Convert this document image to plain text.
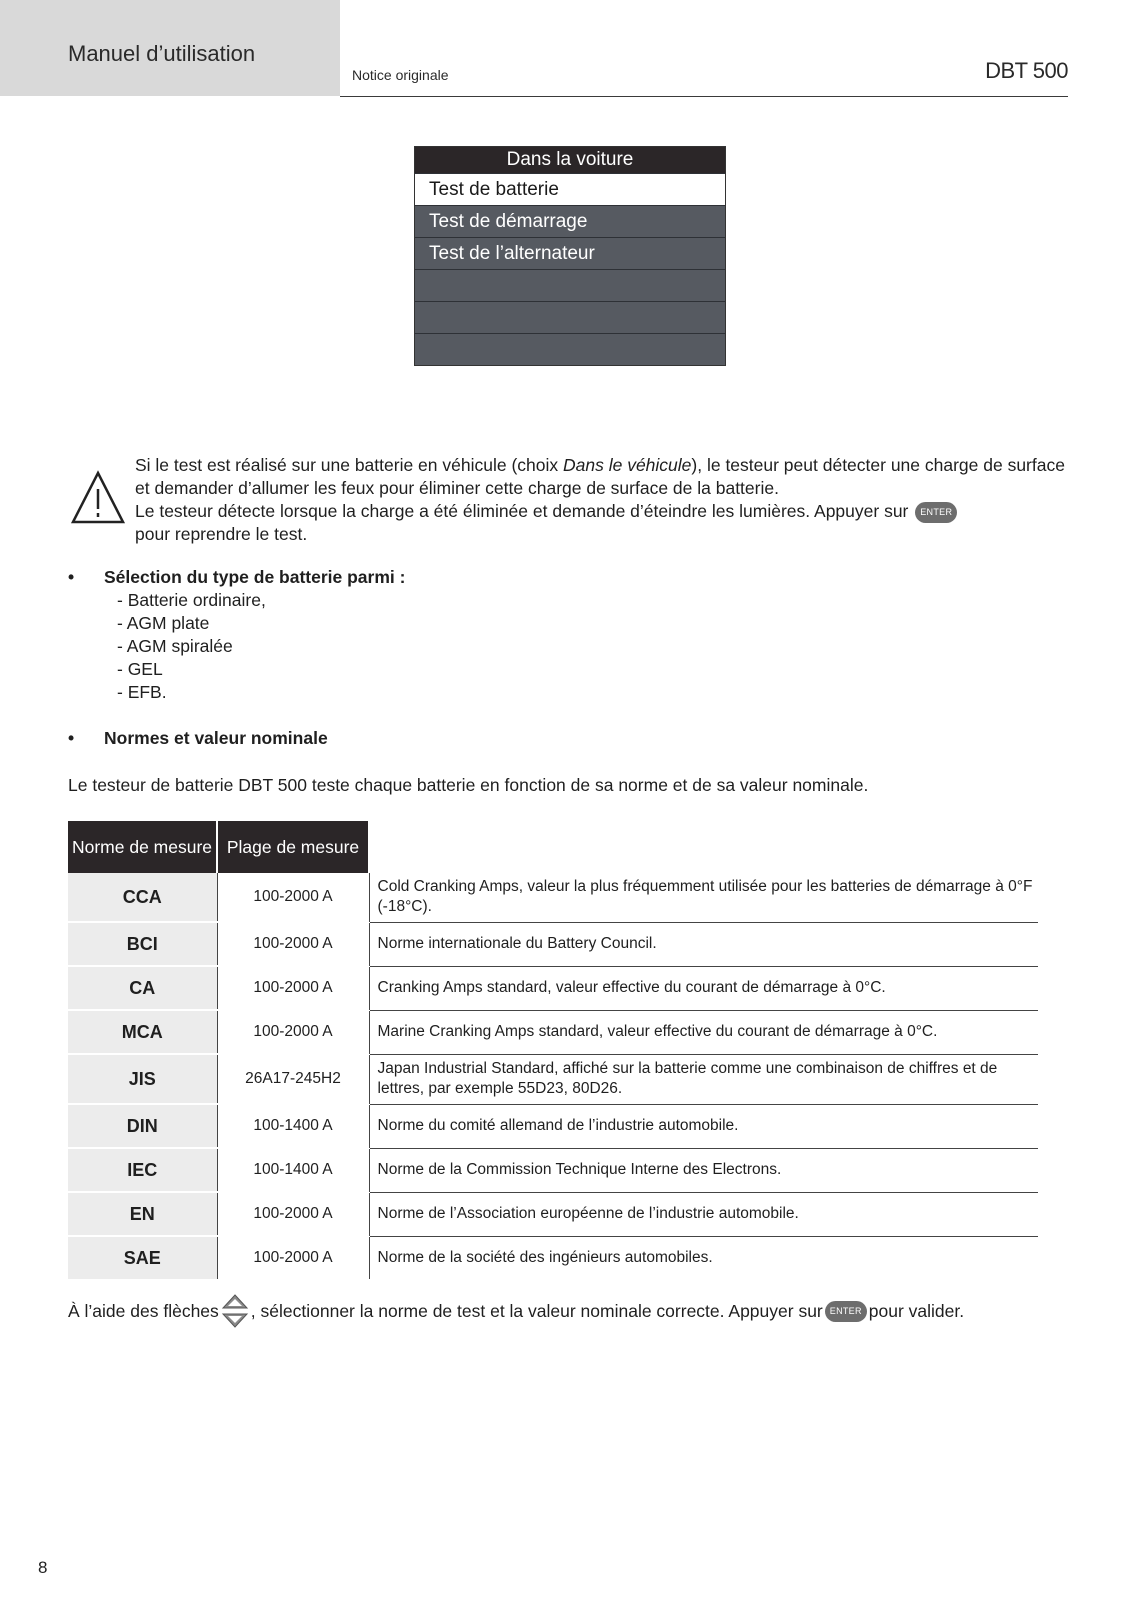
Manuel d’utilisation
Notice originale	DBT 500
Dans la voiture
Test de batterie
Test de démarrage
Test de l’alternateur
Si le test est réalisé sur une batterie en véhicule (choix Dans le véhicule), le testeur peut détecter une charge de surface et demander d’allumer les feux pour éliminer cette charge de surface de la batterie.
Le testeur détecte lorsque la charge a été éliminée et demande d’éteindre les lumières. Appuyer sur ENTER
pour reprendre le test.
• Sélection du type de batterie parmi :
- Batterie ordinaire,
- AGM plate
- AGM spiralée
- GEL
- EFB.
• Normes et valeur nominale
Le testeur de batterie DBT 500 teste chaque batterie en fonction de sa norme et de sa valeur nominale.
Norme de mesure	Plage de mesure	
CCA	100-2000 A	Cold Cranking Amps, valeur la plus fréquemment utilisée pour les batteries de démarrage à 0°F (-18°C).
BCI	100-2000 A	Norme internationale du Battery Council.
CA	100-2000 A	Cranking Amps standard, valeur effective du courant de démarrage à 0°C.
MCA	100-2000 A	Marine Cranking Amps standard, valeur effective du courant de démarrage à 0°C.
JIS	26A17-245H2	Japan Industrial Standard, affiché sur la batterie comme une combinaison de chiffres et de lettres, par exemple 55D23, 80D26.
DIN	100-1400 A	Norme du comité allemand de l’industrie automobile.
IEC	100-1400 A	Norme de la Commission Technique Interne des Electrons.
EN	100-2000 A	Norme de l’Association européenne de l’industrie automobile.
SAE	100-2000 A	Norme de la société des ingénieurs automobiles.
À l’aide des flèches , sélectionner la norme de test et la valeur nominale correcte. Appuyer sur ENTER pour valider.
8
